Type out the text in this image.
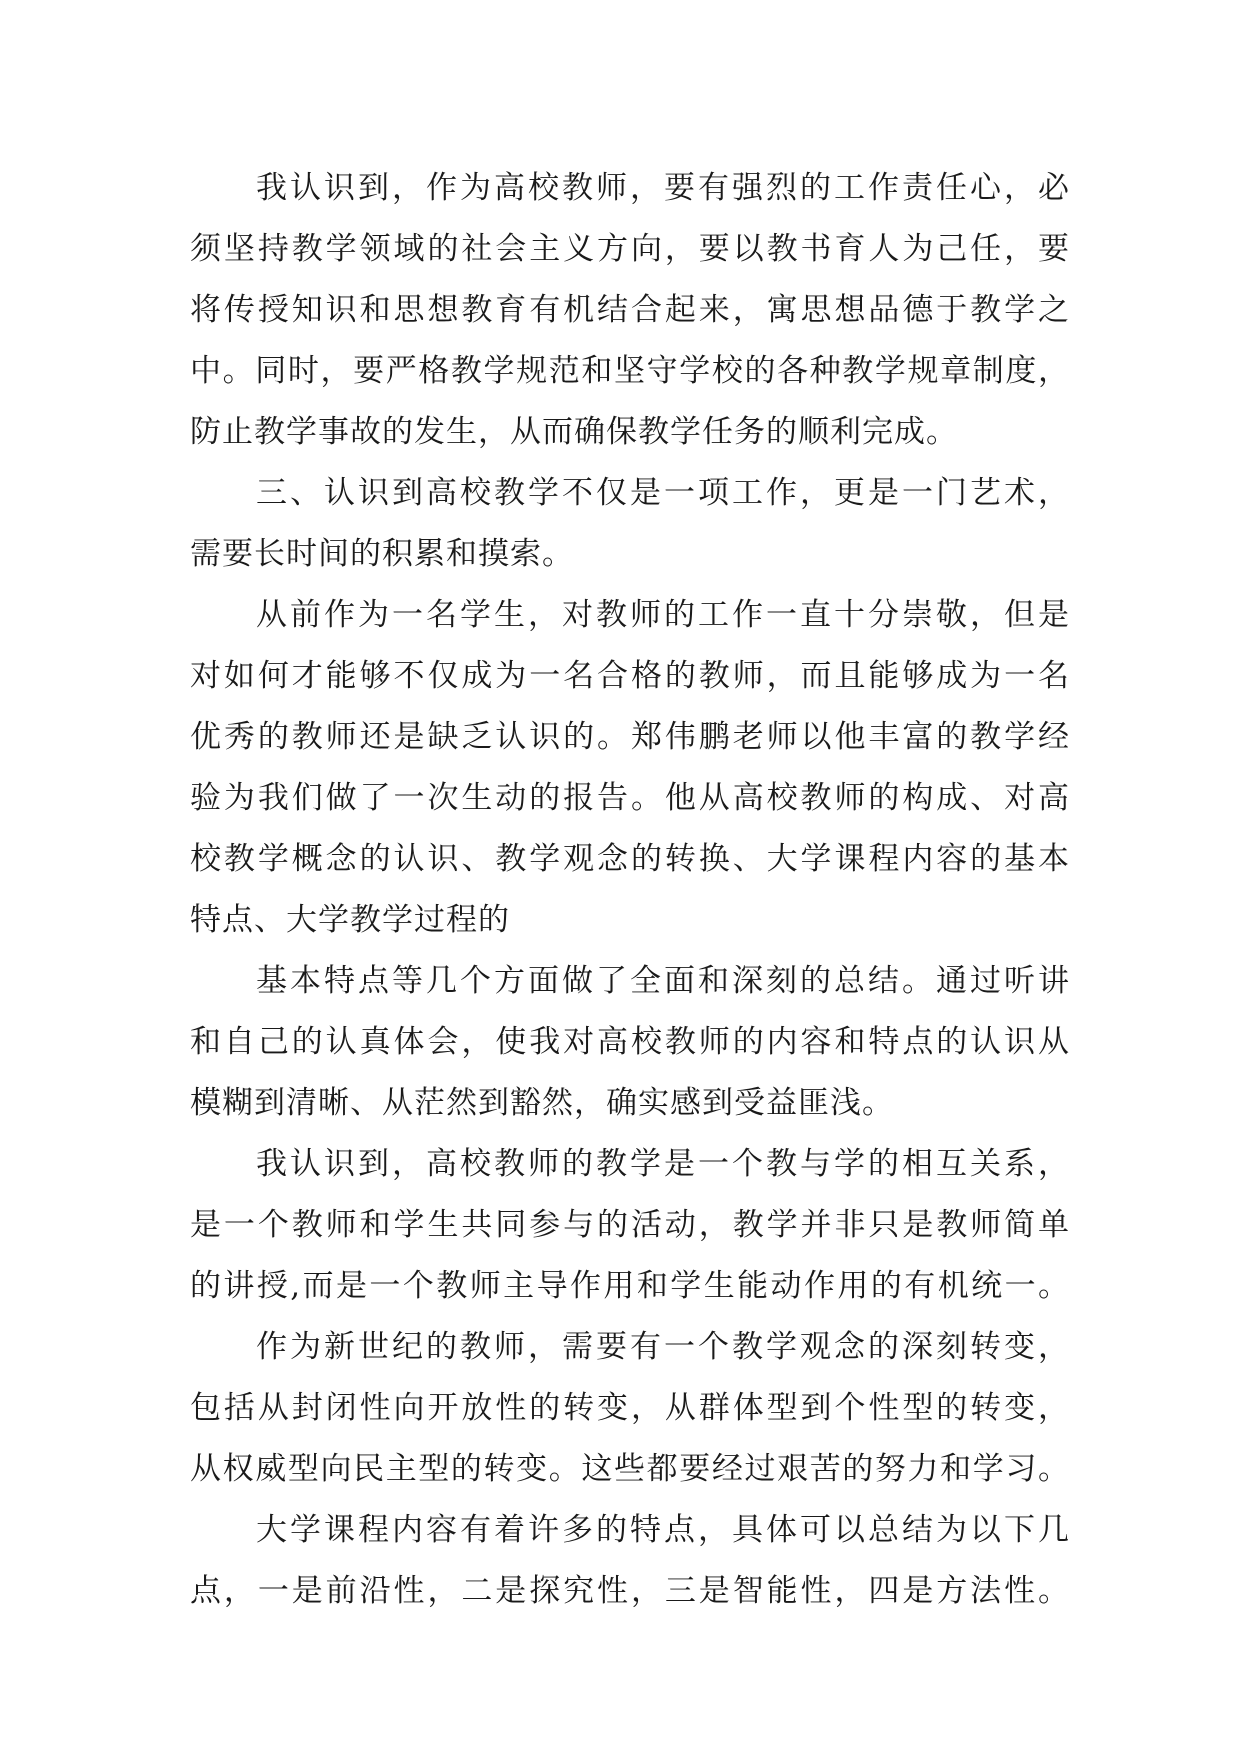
我认识到，作为高校教师，要有强烈的工作责任心，必
须坚持教学领域的社会主义方向，要以教书育人为己任，要
将传授知识和思想教育有机结合起来，寓思想品德于教学之
中。同时，要严格教学规范和坚守学校的各种教学规章制度，
防止教学事故的发生，从而确保教学任务的顺利完成。
三、认识到高校教学不仅是一项工作，更是一门艺术，
需要长时间的积累和摸索。
从前作为一名学生，对教师的工作一直十分崇敬，但是
对如何才能够不仅成为一名合格的教师，而且能够成为一名
优秀的教师还是缺乏认识的。郑伟鹏老师以他丰富的教学经
验为我们做了一次生动的报告。他从高校教师的构成、对高
校教学概念的认识、教学观念的转换、大学课程内容的基本
特点、大学教学过程的
基本特点等几个方面做了全面和深刻的总结。通过听讲
和自己的认真体会，使我对高校教师的内容和特点的认识从
模糊到清晰、从茫然到豁然，确实感到受益匪浅。
我认识到，高校教师的教学是一个教与学的相互关系，
是一个教师和学生共同参与的活动，教学并非只是教师简单
的讲授,而是一个教师主导作用和学生能动作用的有机统一。
作为新世纪的教师，需要有一个教学观念的深刻转变，
包括从封闭性向开放性的转变，从群体型到个性型的转变，
从权威型向民主型的转变。这些都要经过艰苦的努力和学习。
大学课程内容有着许多的特点，具体可以总结为以下几
点，一是前沿性，二是探究性，三是智能性，四是方法性。
